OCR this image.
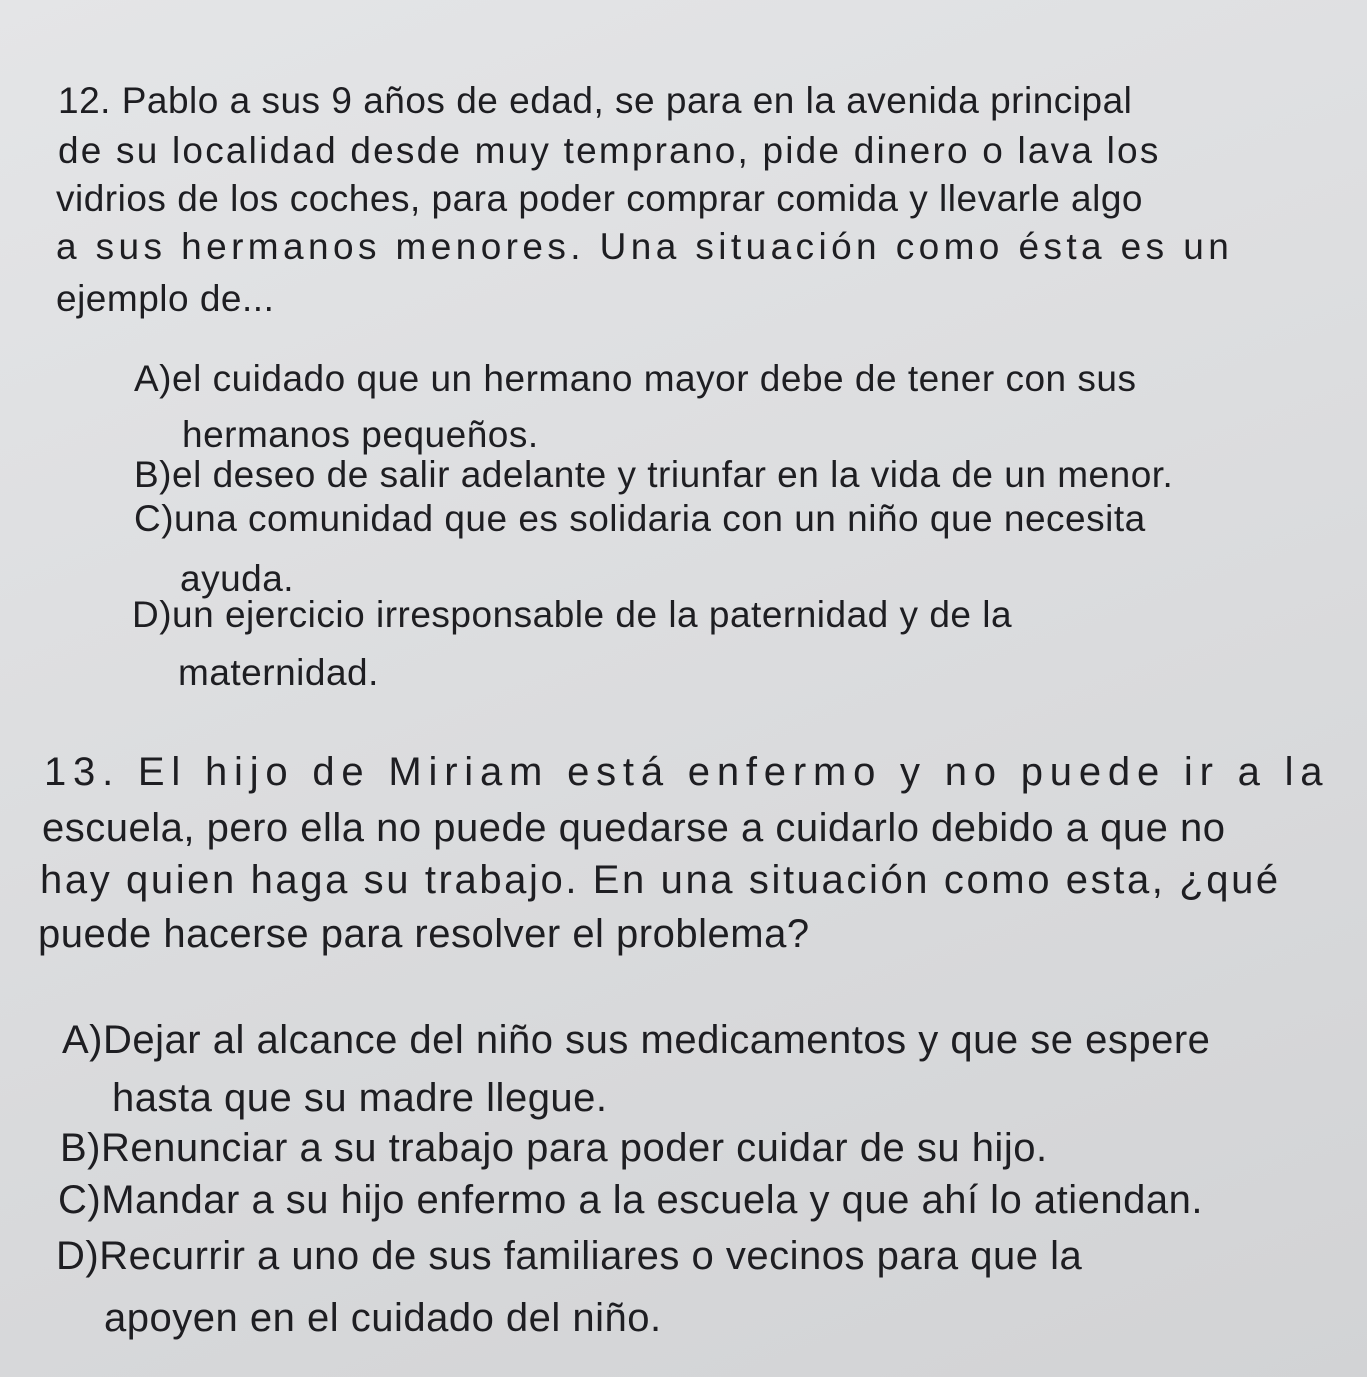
12. Pablo a sus 9 años de edad, se para en la avenida principal
de su localidad desde muy temprano, pide dinero o lava los
vidrios de los coches, para poder comprar comida y llevarle algo
a sus hermanos menores. Una situación como ésta es un
ejemplo de...
A)el cuidado que un hermano mayor debe de tener con sus
hermanos pequeños.
B)el deseo de salir adelante y triunfar en la vida de un menor.
C)una comunidad que es solidaria con un niño que necesita
ayuda.
D)un ejercicio irresponsable de la paternidad y de la
maternidad.
13. El hijo de Miriam está enfermo y no puede ir a la
escuela, pero ella no puede quedarse a cuidarlo debido a que no
hay quien haga su trabajo. En una situación como esta, ¿qué
puede hacerse para resolver el problema?
A)Dejar al alcance del niño sus medicamentos y que se espere
hasta que su madre llegue.
B)Renunciar a su trabajo para poder cuidar de su hijo.
C)Mandar a su hijo enfermo a la escuela y que ahí lo atiendan.
D)Recurrir a uno de sus familiares o vecinos para que la
apoyen en el cuidado del niño.
